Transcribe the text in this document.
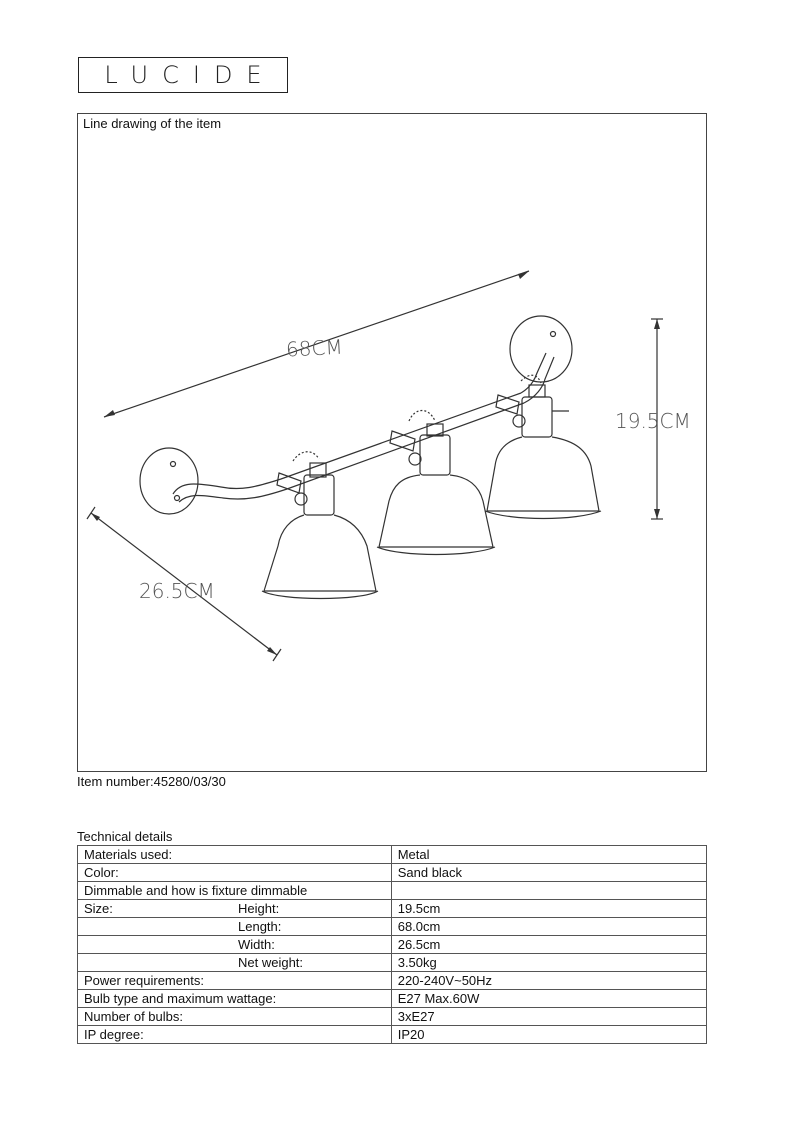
LUCIDE
Line drawing of the item
68CM
19.5CM
26.5CM
Item number:45280/03/30
Technical details
Materials used:	Metal
Color:	Sand black
Dimmable and how is fixture dimmable

Size: Height:	19.5cm

Length:	68.0cm

Width:	26.5cm

Net weight:	3.50kg
Power requirements:	220-240V~50Hz
Bulb type and maximum wattage:	E27 Max.60W
Number of bulbs:	3xE27
IP degree:	IP20
